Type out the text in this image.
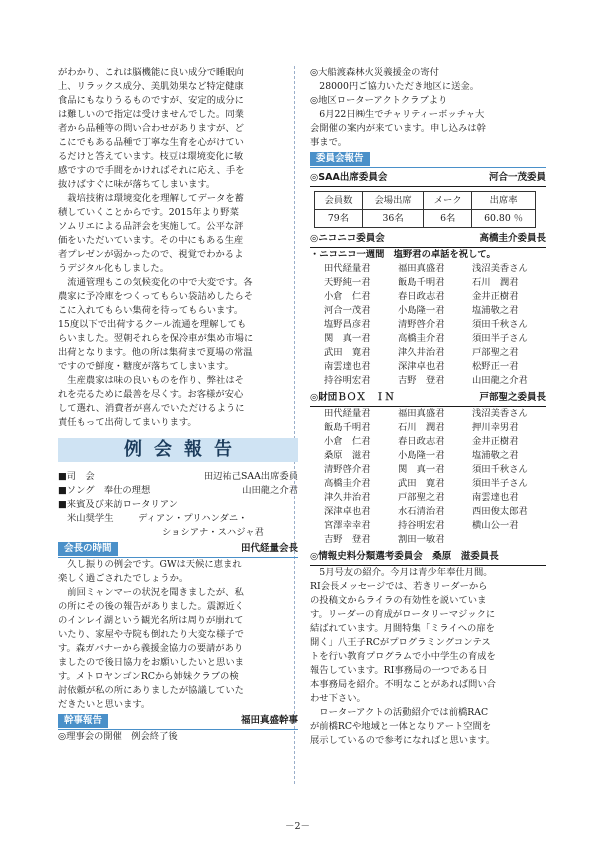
がわかり、これは脳機能に良い成分で睡眠向

上、リラックス成分、美肌効果など特定健康

食品にもなりうるものですが、安定的成分に

は難しいので指定は受けませんでした。同業

者から品種等の問い合わせがありますが、ど

こにでもある品種で丁寧な生育を心がけてい

るだけと答えています。枝豆は環境変化に敏

感ですので手間をかければそれに応え、手を

抜けばすぐに味が落ちてしまいます。

栽培技術は環境変化を理解してデータを蓄

積していくことからです。2015年より野菜

ソムリエによる品評会を実施して。公平な評

価をいただいています。その中にもある生産

者プレゼンが弱かったので、視覚でわかるよ

うデジタル化もしました。

流通管理もこの気候変化の中で大変です。各

農家に予冷庫をつくってもらい袋詰めしたらそ

こに入れてもらい集荷を待ってもらいます。

15度以下で出荷するクール流通を理解しても

らいました。翌朝それらを保冷車が集め市場に

出荷となります。他の所は集荷まで夏場の常温

ですので鮮度・糖度が落ちてしまいます。

生産農家は味の良いものを作り、弊社はそ

れを売るために最善を尽くす。お客様が安心

して選れ、消費者が喜んでいただけるように

責任もって出荷してまいります。

例会報告
■司　会	田辺祐己SAA出席委員
■ソング　奉仕の理想	山田龍之介君
■来賓及び来訪ロータリアン
米山奨学生	ディアン・プリハンダニ・
ショシアナ・スハジャ君
会長の時間	田代経量会長

久し振りの例会です。GWは天候に恵まれ

楽しく過ごされたでしょうか。

前回ミャンマーの状況を聞きましたが、私

の所にその後の報告がありました。震源近く

のインレイ湖という観光名所は周りが崩れて

いたり、家屋や寺院も倒れたり大変な様子で

す。森ガバナーから義援金協力の要請があり

ましたので後日協力をお願いしたいと思いま

す。メトロヤンゴンRCから姉妹クラブの検

討依頼が私の所にありましたが協議していた

だきたいと思います。

幹事報告	福田真盛幹事

◎理事会の開催　例会終了後

◎大船渡森林火災義援金の寄付

28000円ご協力いただき地区に送金。

◎地区ローターアクトクラブより

6月22日㈱生でチャリティーボッチャ大

会開催の案内が来ています。申し込みは幹

事まで。

委員会報告
◎SAA出席委員会	河合一茂委員
会員数	会場出席	メーク	出席率
79名	36名	6名	60.80 ％
◎ニコニコ委員会	高橋圭介委員長
・ニコニコ一週間　塩野君の卓話を祝して。
田代経量君	福田真盛君	浅沼美香さん
天野純一君	飯島千明君	石川　潤君
小倉　仁君	春日政志君	金井正樹君
河合一茂君	小島隆一君	塩浦敬之君
塩野昌彦君	清野啓介君	須田千秋さん
関　真一君	高橋圭介君	須田半子さん
武田　寛君	津久井治君	戸部聖之君
南雲達也君	深津卓也君	松野正一君
持谷明宏君	吉野　登君	山田龍之介君
◎財団ＢＯＸ　ＩＮ	戸部聖之委員長
田代経量君	福田真盛君	浅沼美香さん
飯島千明君	石川　潤君	押川幸男君
小倉　仁君	春日政志君	金井正樹君
桑原　滋君	小島隆一君	塩浦敬之君
清野啓介君	関　真一君	須田千秋さん
高橋圭介君	武田　寛君	須田半子さん
津久井治君	戸部聖之君	南雲達也君
深津卓也君	水石清治君	西田俊太郎君
宮澤幸幸君	持谷明宏君	横山公一君
吉野　登君	割田一敏君
◎情報史料分類選考委員会　桑原　滋委員長

5月号友の紹介。今月は青少年奉仕月間。

RI会長メッセージでは、若きリーダーから

の投稿文からライラの有効性を説いていま

す。リーダーの育成がロータリーマジックに

結ばれています。月間特集「ミライへの扉を

開く」八王子RCがプログラミングコンテス

トを行い教育プログラムで小中学生の育成を

報告しています。RI事務局の一つである日

本事務局を紹介。不明なことがあれば問い合

わせ下さい。

ローターアクトの活動紹介では前橋RAC

が前橋RCや地域と一体となりアート空間を

展示しているので参考になればと思います。

－2－
